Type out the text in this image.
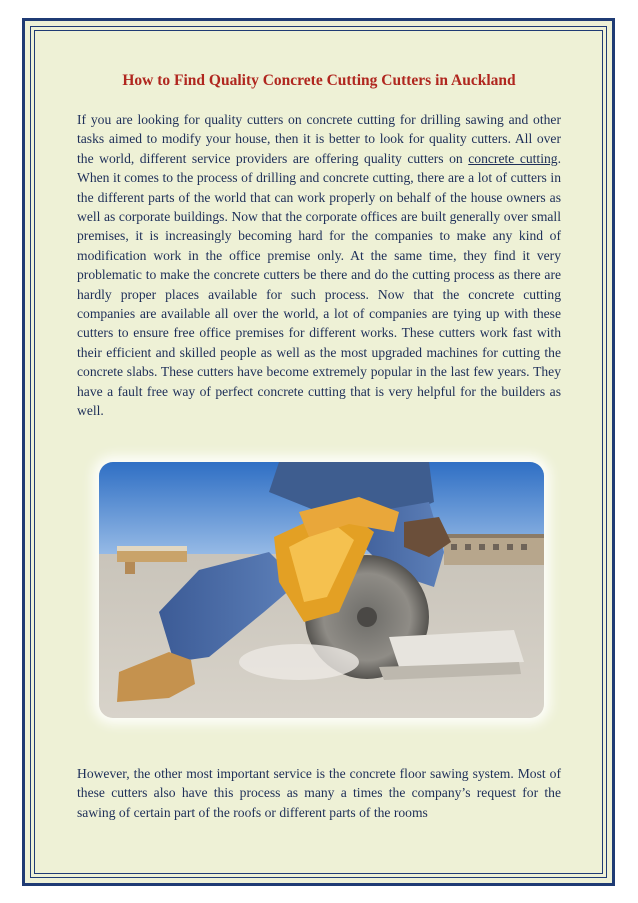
How to Find Quality Concrete Cutting Cutters in Auckland

If you are looking for quality cutters on concrete cutting for drilling sawing and other tasks aimed to modify your house, then it is better to look for quality cutters. All over the world, different service providers are offering quality cutters on concrete cutting. When it comes to the process of drilling and concrete cutting, there are a lot of cutters in the different parts of the world that can work properly on behalf of the house owners as well as corporate buildings. Now that the corporate offices are built generally over small premises, it is increasingly becoming hard for the companies to make any kind of modification work in the office premise only. At the same time, they find it very problematic to make the concrete cutters be there and do the cutting process as there are hardly proper places available for such process. Now that the concrete cutting companies are available all over the world, a lot of companies are tying up with these cutters to ensure free office premises for different works. These cutters work fast with their efficient and skilled people as well as the most upgraded machines for cutting the concrete slabs. These cutters have become extremely popular in the last few years. They have a fault free way of perfect concrete cutting that is very helpful for the builders as well.

However, the other most important service is the concrete floor sawing system. Most of these cutters also have this process as many a times the company’s request for the sawing of certain part of the roofs or different parts of the rooms
